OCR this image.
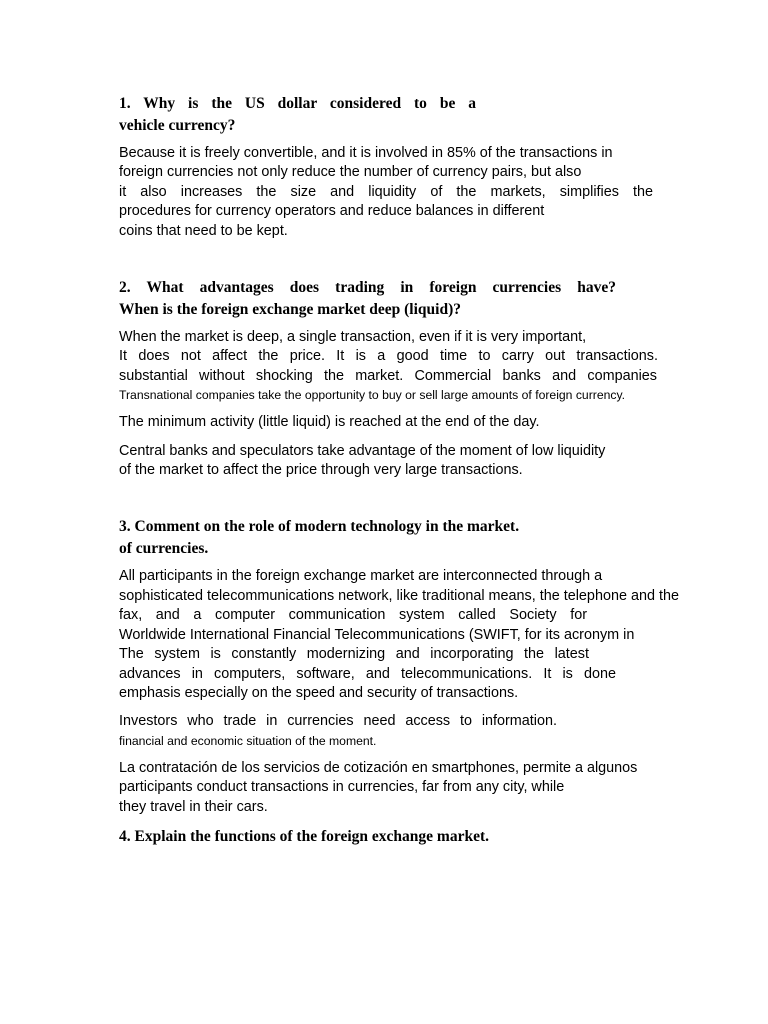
1. Why is the US dollar considered to be a
vehicle currency?
Because it is freely convertible, and it is involved in 85% of the transactions in
foreign currencies not only reduce the number of currency pairs, but also
it also increases the size and liquidity of the markets, simplifies the
procedures for currency operators and reduce balances in different
coins that need to be kept.
2. What advantages does trading in foreign currencies have?
When is the foreign exchange market deep (liquid)?
When the market is deep, a single transaction, even if it is very important,
It does not affect the price. It is a good time to carry out transactions.
substantial without shocking the market. Commercial banks and companies
Transnational companies take the opportunity to buy or sell large amounts of foreign currency.
The minimum activity (little liquid) is reached at the end of the day.
Central banks and speculators take advantage of the moment of low liquidity
of the market to affect the price through very large transactions.
3. Comment on the role of modern technology in the market.
of currencies.
All participants in the foreign exchange market are interconnected through a
sophisticated telecommunications network, like traditional means, the telephone and the
fax, and a computer communication system called Society for
Worldwide International Financial Telecommunications (SWIFT, for its acronym in
The system is constantly modernizing and incorporating the latest
advances in computers, software, and telecommunications. It is done
emphasis especially on the speed and security of transactions.
Investors who trade in currencies need access to information.
financial and economic situation of the moment.
La contratación de los servicios de cotización en smartphones, permite a algunos
participants conduct transactions in currencies, far from any city, while
they travel in their cars.
4. Explain the functions of the foreign exchange market.
